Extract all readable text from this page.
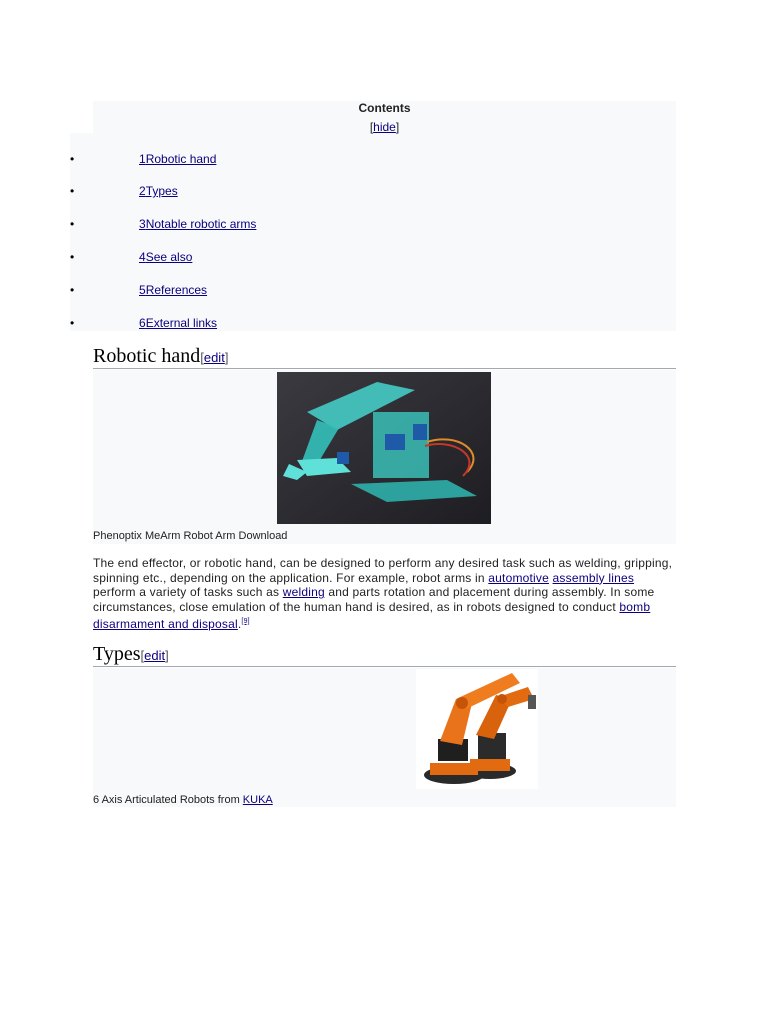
Contents
[hide]
•	1Robotic hand
•	2Types
•	3Notable robotic arms
•	4See also
•	5References
•	6External links
Robotic hand[edit]
Phenoptix MeArm Robot Arm Download
The end effector, or robotic hand, can be designed to perform any desired task such as welding, gripping, spinning etc., depending on the application. For example, robot arms in automotive assembly lines perform a variety of tasks such as welding and parts rotation and placement during assembly. In some circumstances, close emulation of the human hand is desired, as in robots designed to conduct bomb disarmament and disposal.[9]
Types[edit]
6 Axis Articulated Robots from KUKA
